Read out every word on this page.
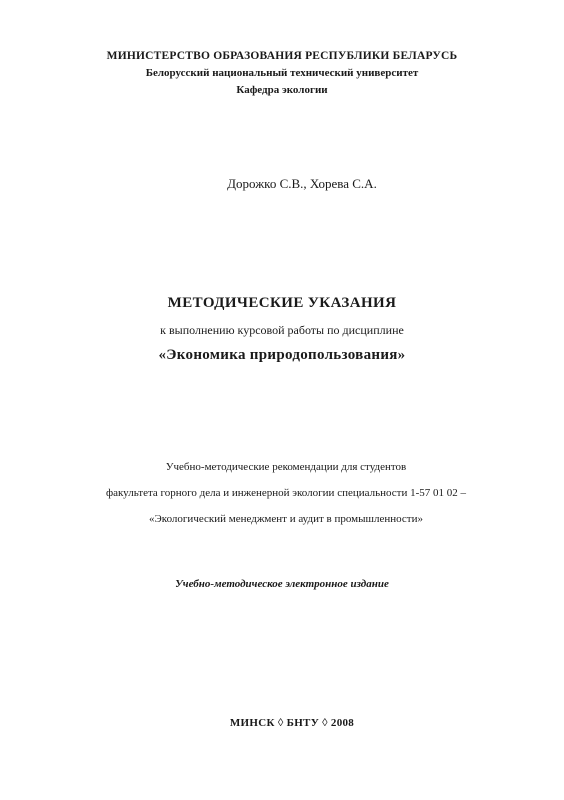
МИНИСТЕРСТВО ОБРАЗОВАНИЯ РЕСПУБЛИКИ БЕЛАРУСЬ
Белорусский национальный технический университет
Кафедра экологии
Дорожко С.В., Хорева С.А.
МЕТОДИЧЕСКИЕ УКАЗАНИЯ
к выполнению курсовой работы по дисциплине
«Экономика природопользования»
Учебно-методические рекомендации для студентов
факультета горного дела и инженерной экологии специальности 1-57 01 02 –
«Экологический менеджмент и аудит в промышленности»
Учебно-методическое электронное издание
МИНСК ◊ БНТУ ◊ 2008
